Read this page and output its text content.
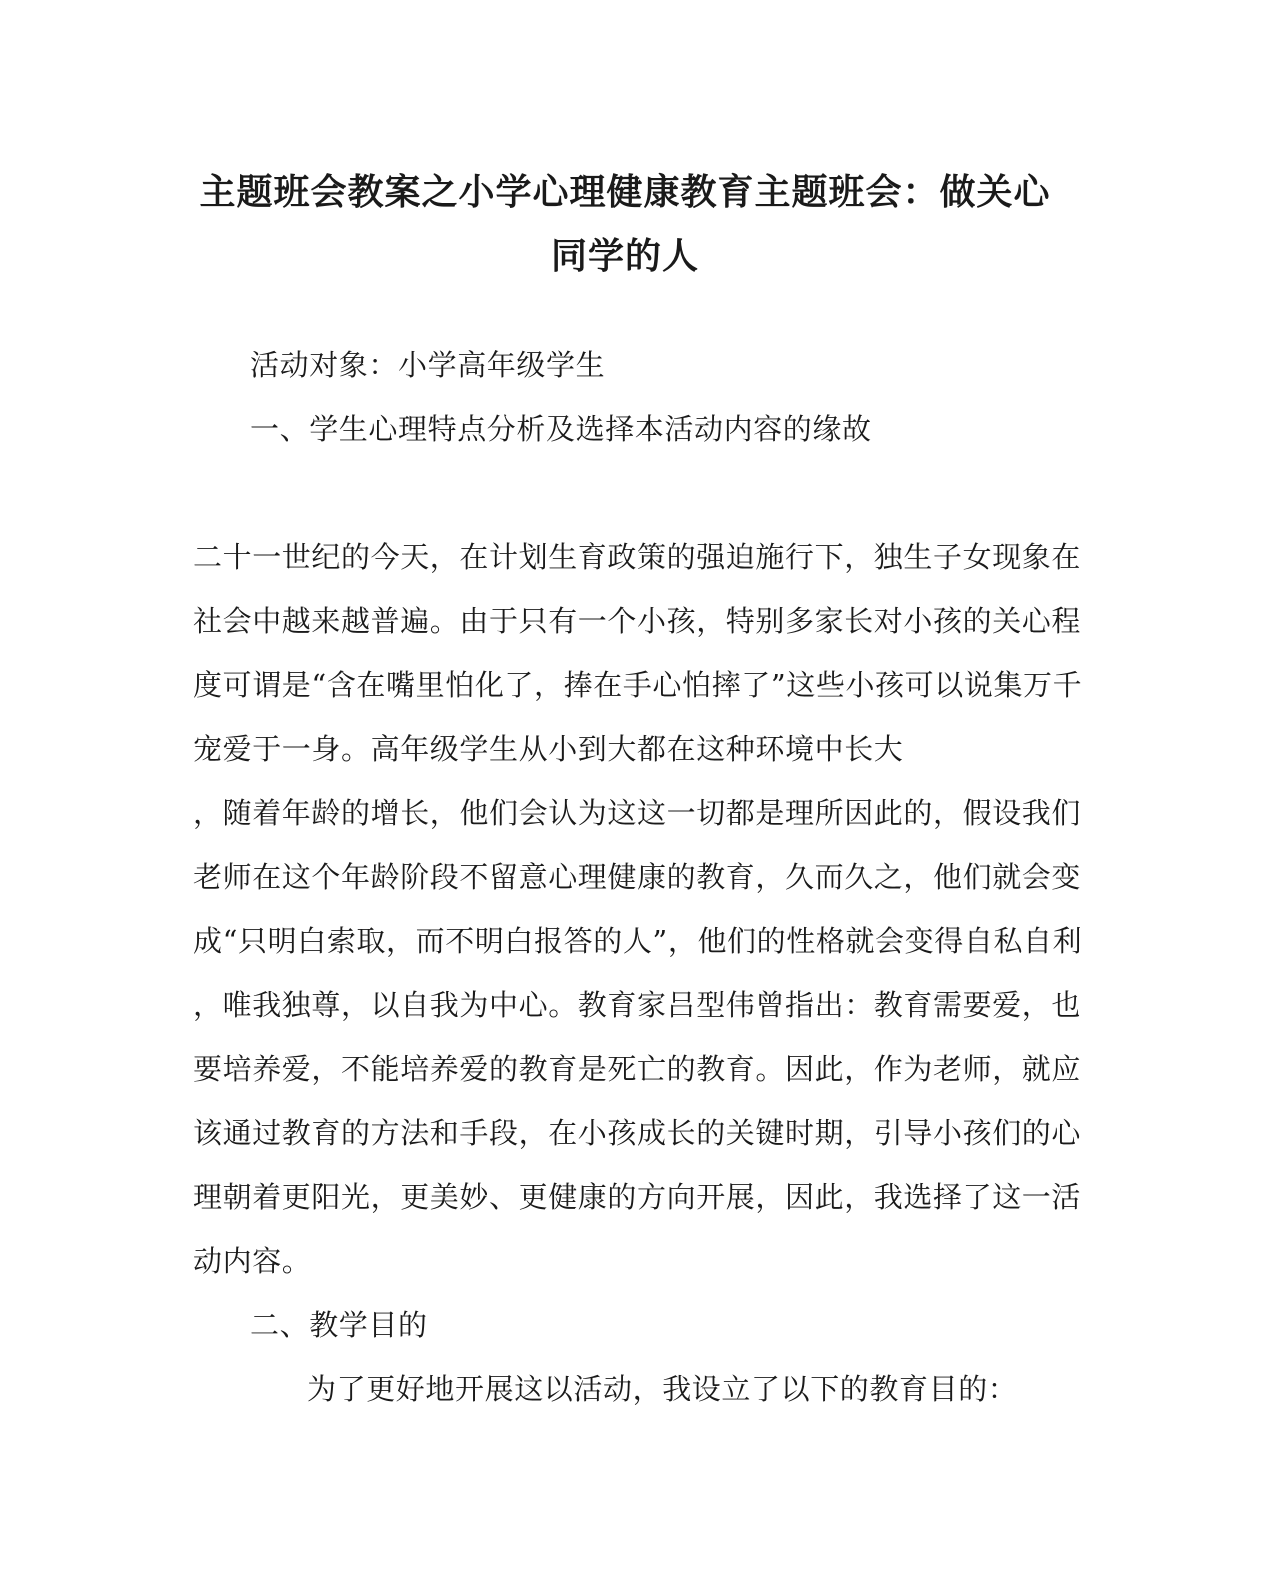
主题班会教案之小学心理健康教育主题班会：做关心
同学的人
活动对象：小学高年级学生
一、学生心理特点分析及选择本活动内容的缘故
二十一世纪的今天，在计划生育政策的强迫施行下，独生子女现象在
社会中越来越普遍。由于只有一个小孩，特别多家长对小孩的关心程
度可谓是“含在嘴里怕化了，捧在手心怕摔了”这些小孩可以说集万千
宠爱于一身。高年级学生从小到大都在这种环境中长大
，随着年龄的增长，他们会认为这这一切都是理所因此的，假设我们
老师在这个年龄阶段不留意心理健康的教育，久而久之，他们就会变
成“只明白索取，而不明白报答的人”，他们的性格就会变得自私自利
，唯我独尊，以自我为中心。教育家吕型伟曾指出：教育需要爱，也
要培养爱，不能培养爱的教育是死亡的教育。因此，作为老师，就应
该通过教育的方法和手段，在小孩成长的关键时期，引导小孩们的心
理朝着更阳光，更美妙、更健康的方向开展，因此，我选择了这一活
动内容。
二、教学目的
为了更好地开展这以活动，我设立了以下的教育目的：
